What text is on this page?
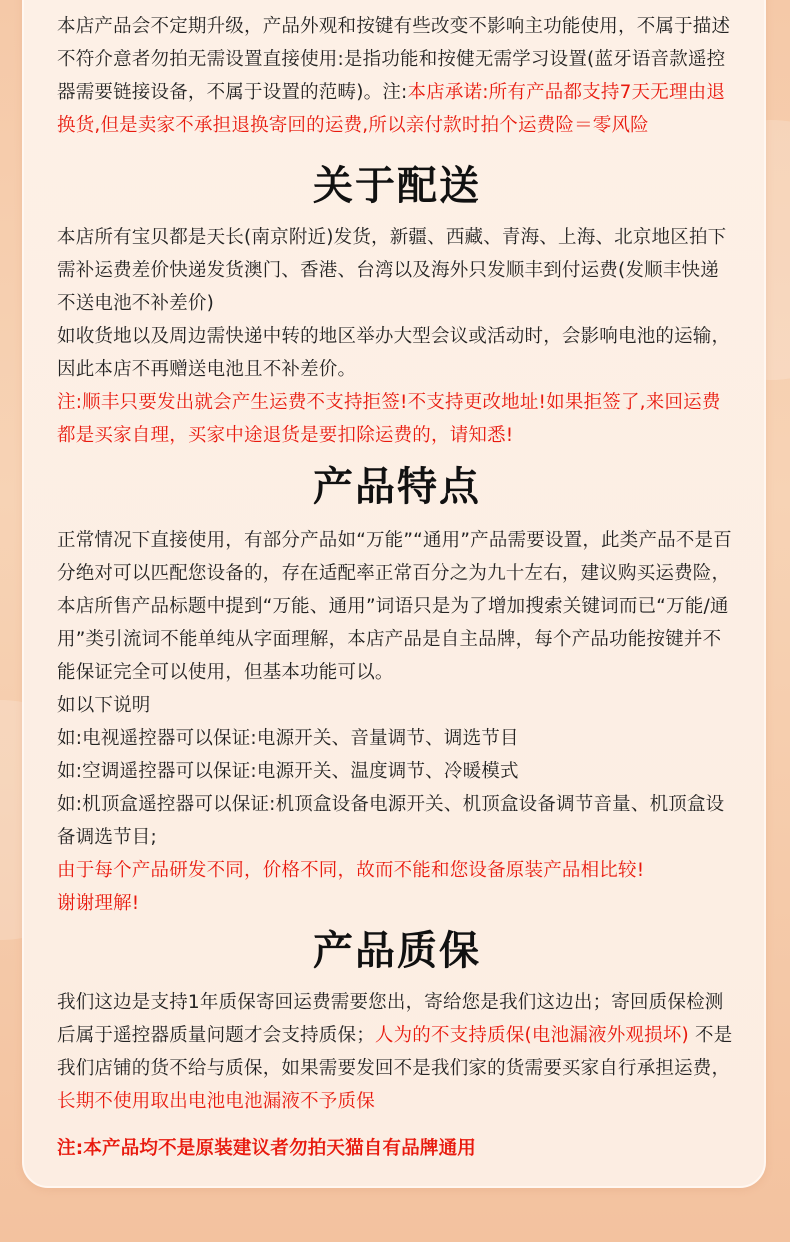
本店产品会不定期升级，产品外观和按键有些改变不影响主功能使用，不属于描述不符介意者勿拍无需设置直接使用:是指功能和按健无需学习设置(蓝牙语音款遥控器需要链接设备，不属于设置的范畴)。注:本店承诺:所有产品都支持7天无理由退换货,但是卖家不承担退换寄回的运费,所以亲付款时拍个运费险＝零风险

关于配送

本店所有宝贝都是天长(南京附近)发货，新疆、西藏、青海、上海、北京地区拍下需补运费差价快递发货澳门、香港、台湾以及海外只发顺丰到付运费(发顺丰快递不送电池不补差价)

如收货地以及周边需快递中转的地区举办大型会议或活动时，会影响电池的运输，因此本店不再赠送电池且不补差价。

注:顺丰只要发出就会产生运费不支持拒签!不支持更改地址!如果拒签了,来回运费都是买家自理，买家中途退货是要扣除运费的，请知悉!

产品特点

正常情况下直接使用，有部分产品如“万能”“通用”产品需要设置，此类产品不是百分绝对可以匹配您设备的，存在适配率正常百分之为九十左右，建议购买运费险，本店所售产品标题中提到“万能、通用”词语只是为了增加搜索关键词而已“万能/通用”类引流词不能单纯从字面理解，本店产品是自主品牌，每个产品功能按键并不能保证完全可以使用，但基本功能可以。

如以下说明

如:电视遥控器可以保证:电源开关、音量调节、调选节目

如:空调遥控器可以保证:电源开关、温度调节、冷暖模式

如:机顶盒遥控器可以保证:机顶盒设备电源开关、机顶盒设备调节音量、机顶盒设备调选节目;

由于每个产品研发不同，价格不同，故而不能和您设备原装产品相比较!

谢谢理解!

产品质保

我们这边是支持1年质保寄回运费需要您出，寄给您是我们这边出；寄回质保检测后属于遥控器质量问题才会支持质保；人为的不支持质保(电池漏液外观损坏) 不是我们店铺的货不给与质保，如果需要发回不是我们家的货需要买家自行承担运费，长期不使用取出电池电池漏液不予质保

注:本产品均不是原装建议者勿拍天猫自有品牌通用
